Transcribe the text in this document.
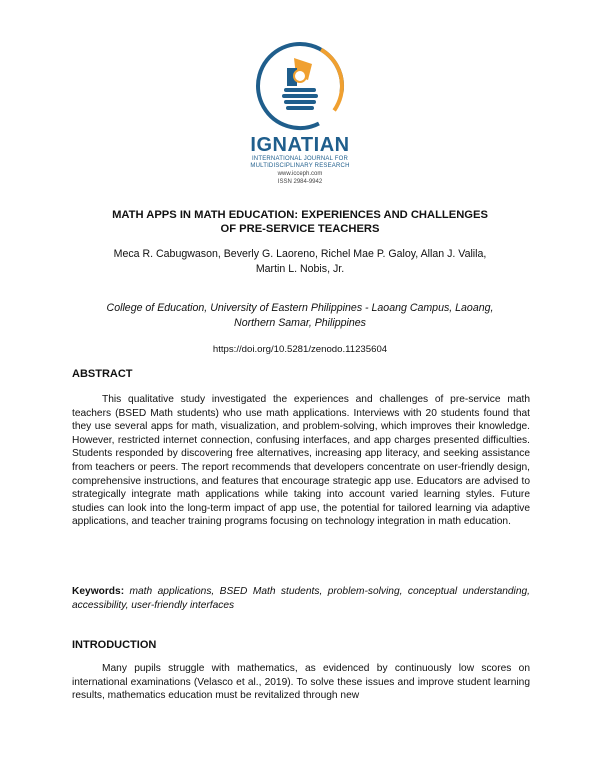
IGNATIAN
INTERNATIONAL JOURNAL FOR
MULTIDISCIPLINARY RESEARCH
www.icceph.com
ISSN 2984-9942
MATH APPS IN MATH EDUCATION: EXPERIENCES AND CHALLENGES
OF PRE-SERVICE TEACHERS
Meca R. Cabugwason, Beverly G. Laoreno, Richel Mae P. Galoy, Allan J. Valila,
Martin L. Nobis, Jr.
College of Education, University of Eastern Philippines - Laoang Campus, Laoang,
Northern Samar, Philippines
https://doi.org/10.5281/zenodo.11235604
ABSTRACT
This qualitative study investigated the experiences and challenges of pre-service math teachers (BSED Math students) who use math applications. Interviews with 20 students found that they use several apps for math, visualization, and problem-solving, which improves their knowledge. However, restricted internet connection, confusing interfaces, and app charges presented difficulties. Students responded by discovering free alternatives, increasing app literacy, and seeking assistance from teachers or peers. The report recommends that developers concentrate on user-friendly design, comprehensive instructions, and features that encourage strategic app use. Educators are advised to strategically integrate math applications while taking into account varied learning styles. Future studies can look into the long-term impact of app use, the potential for tailored learning via adaptive applications, and teacher training programs focusing on technology integration in math education.
Keywords: math applications, BSED Math students, problem-solving, conceptual understanding, accessibility, user-friendly interfaces
INTRODUCTION
Many pupils struggle with mathematics, as evidenced by continuously low scores on international examinations (Velasco et al., 2019). To solve these issues and improve student learning results, mathematics education must be revitalized through new
